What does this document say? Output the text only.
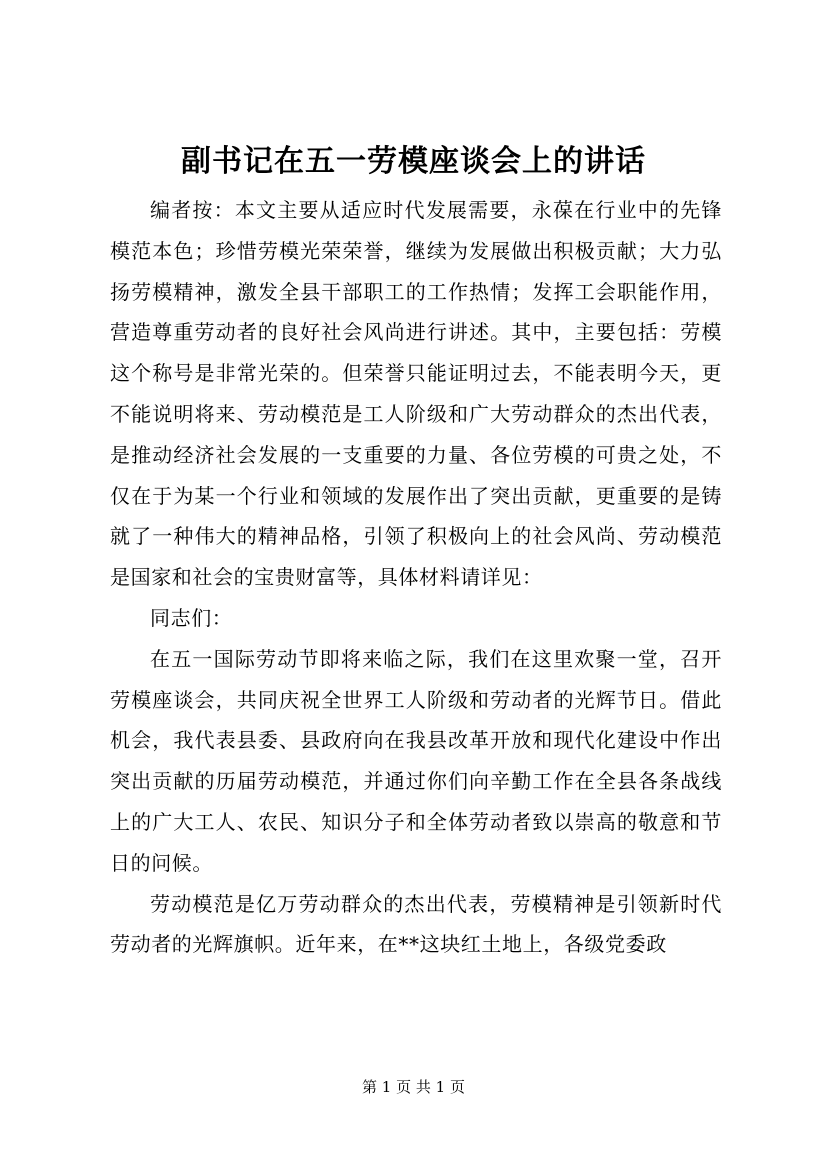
副书记在五一劳模座谈会上的讲话

编者按：本文主要从适应时代发展需要，永葆在行业中的先锋模范本色；珍惜劳模光荣荣誉，继续为发展做出积极贡献；大力弘扬劳模精神，激发全县干部职工的工作热情；发挥工会职能作用，营造尊重劳动者的良好社会风尚进行讲述。其中，主要包括：劳模这个称号是非常光荣的。但荣誉只能证明过去，不能表明今天，更不能说明将来、劳动模范是工人阶级和广大劳动群众的杰出代表，是推动经济社会发展的一支重要的力量、各位劳模的可贵之处，不仅在于为某一个行业和领域的发展作出了突出贡献，更重要的是铸就了一种伟大的精神品格，引领了积极向上的社会风尚、劳动模范是国家和社会的宝贵财富等，具体材料请详见：

同志们：

在五一国际劳动节即将来临之际，我们在这里欢聚一堂，召开劳模座谈会，共同庆祝全世界工人阶级和劳动者的光辉节日。借此机会，我代表县委、县政府向在我县改革开放和现代化建设中作出突出贡献的历届劳动模范，并通过你们向辛勤工作在全县各条战线上的广大工人、农民、知识分子和全体劳动者致以崇高的敬意和节日的问候。

劳动模范是亿万劳动群众的杰出代表，劳模精神是引领新时代劳动者的光辉旗帜。近年来，在**这块红土地上，各级党委政

第 1 页 共 1 页
